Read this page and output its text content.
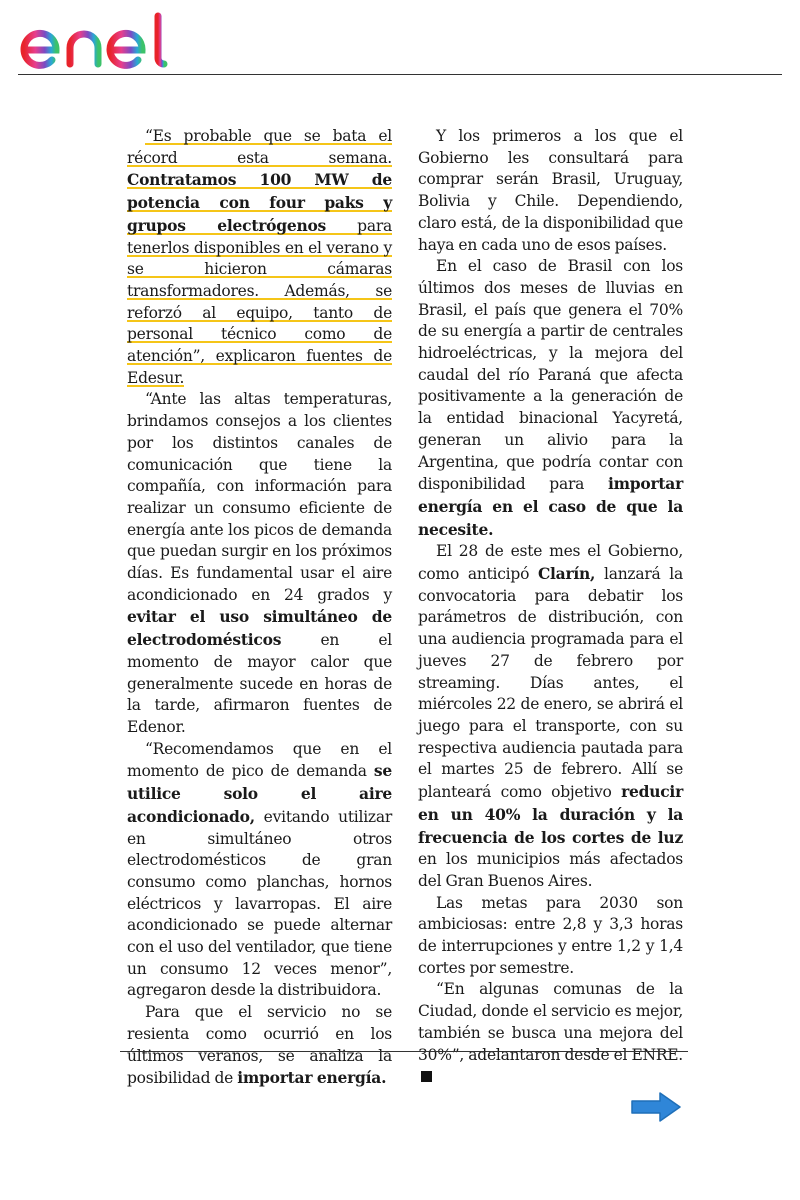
“Es probable que se bata el récord esta semana. Contratamos 100 MW de potencia con four paks y grupos electrógenos para tenerlos disponibles en el verano y se hicieron cámaras transformadores. Además, se reforzó al equipo, tanto de personal técnico como de atención”, explicaron fuentes de Edesur.

“Ante las altas temperaturas, brindamos consejos a los clientes por los distintos canales de comunicación que tiene la compañía, con información para realizar un consumo eficiente de energía ante los picos de demanda que puedan surgir en los próximos días. Es fundamental usar el aire acondicionado en 24 grados y evitar el uso simultáneo de electrodomésticos en el momento de mayor calor que generalmente sucede en horas de la tarde, afirmaron fuentes de Edenor.

“Recomendamos que en el momento de pico de demanda se utilice solo el aire acondicionado, evitando utilizar en simultáneo otros electrodomésticos de gran consumo como planchas, hornos eléctricos y lavarropas. El aire acondicionado se puede alternar con el uso del ventilador, que tiene un consumo 12 veces menor”, agregaron desde la distribuidora.

Para que el servicio no se resienta como ocurrió en los últimos veranos, se analiza la posibilidad de importar energía.

Y los primeros a los que el Gobierno les consultará para comprar serán Brasil, Uruguay, Bolivia y Chile. Dependiendo, claro está, de la disponibilidad que haya en cada uno de esos países.

En el caso de Brasil con los últimos dos meses de lluvias en Brasil, el país que genera el 70% de su energía a partir de centrales hidroeléctricas, y la mejora del caudal del río Paraná que afecta positivamente a la generación de la entidad binacional Yacyretá, generan un alivio para la Argentina, que podría contar con disponibilidad para importar energía en el caso de que la necesite.

El 28 de este mes el Gobierno, como anticipó Clarín, lanzará la convocatoria para debatir los parámetros de distribución, con una audiencia programada para el jueves 27 de febrero por streaming. Días antes, el miércoles 22 de enero, se abrirá el juego para el transporte, con su respectiva audiencia pautada para el martes 25 de febrero. Allí se planteará como objetivo reducir en un 40% la duración y la frecuencia de los cortes de luz en los municipios más afectados del Gran Buenos Aires.

Las metas para 2030 son ambiciosas: entre 2,8 y 3,3 horas de interrupciones y entre 1,2 y 1,4 cortes por semestre.

“En algunas comunas de la Ciudad, donde el servicio es mejor, también se busca una mejora del 30%”, adelantaron desde el ENRE.
